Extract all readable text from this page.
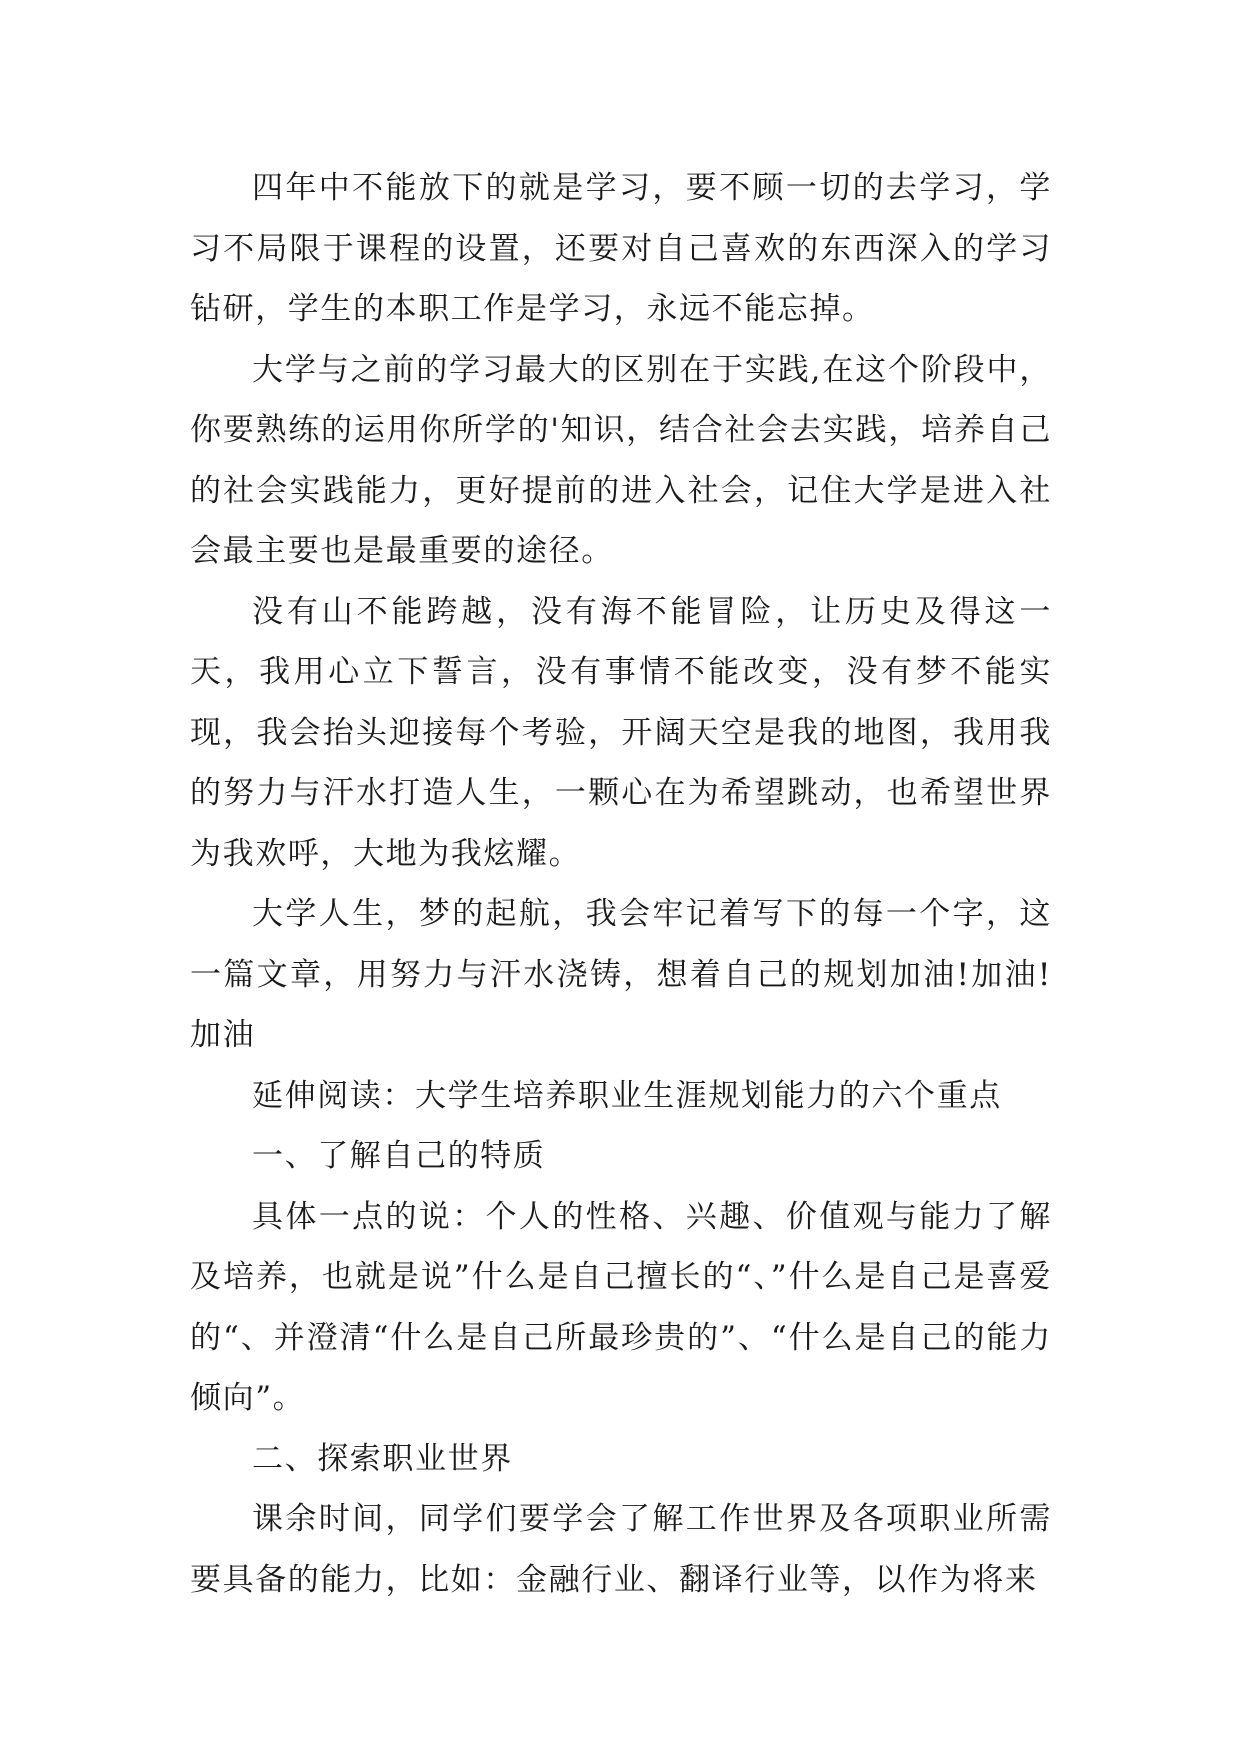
四年中不能放下的就是学习，要不顾一切的去学习，学习不局限于课程的设置，还要对自己喜欢的东西深入的学习钻研，学生的本职工作是学习，永远不能忘掉。

大学与之前的学习最大的区别在于实践,在这个阶段中，你要熟练的运用你所学的'知识，结合社会去实践，培养自己的社会实践能力，更好提前的进入社会，记住大学是进入社会最主要也是最重要的途径。

没有山不能跨越，没有海不能冒险，让历史及得这一天，我用心立下誓言，没有事情不能改变，没有梦不能实现，我会抬头迎接每个考验，开阔天空是我的地图，我用我的努力与汗水打造人生，一颗心在为希望跳动，也希望世界为我欢呼，大地为我炫耀。

大学人生，梦的起航，我会牢记着写下的每一个字，这一篇文章，用努力与汗水浇铸，想着自己的规划加油!加油!加油

延伸阅读：大学生培养职业生涯规划能力的六个重点

一、了解自己的特质

具体一点的说：个人的性格、兴趣、价值观与能力了解及培养，也就是说”什么是自己擅长的“、”什么是自己是喜爱的“、并澄清“什么是自己所最珍贵的”、“什么是自己的能力倾向”。

二、探索职业世界

课余时间，同学们要学会了解工作世界及各项职业所需要具备的能力，比如：金融行业、翻译行业等，以作为将来
